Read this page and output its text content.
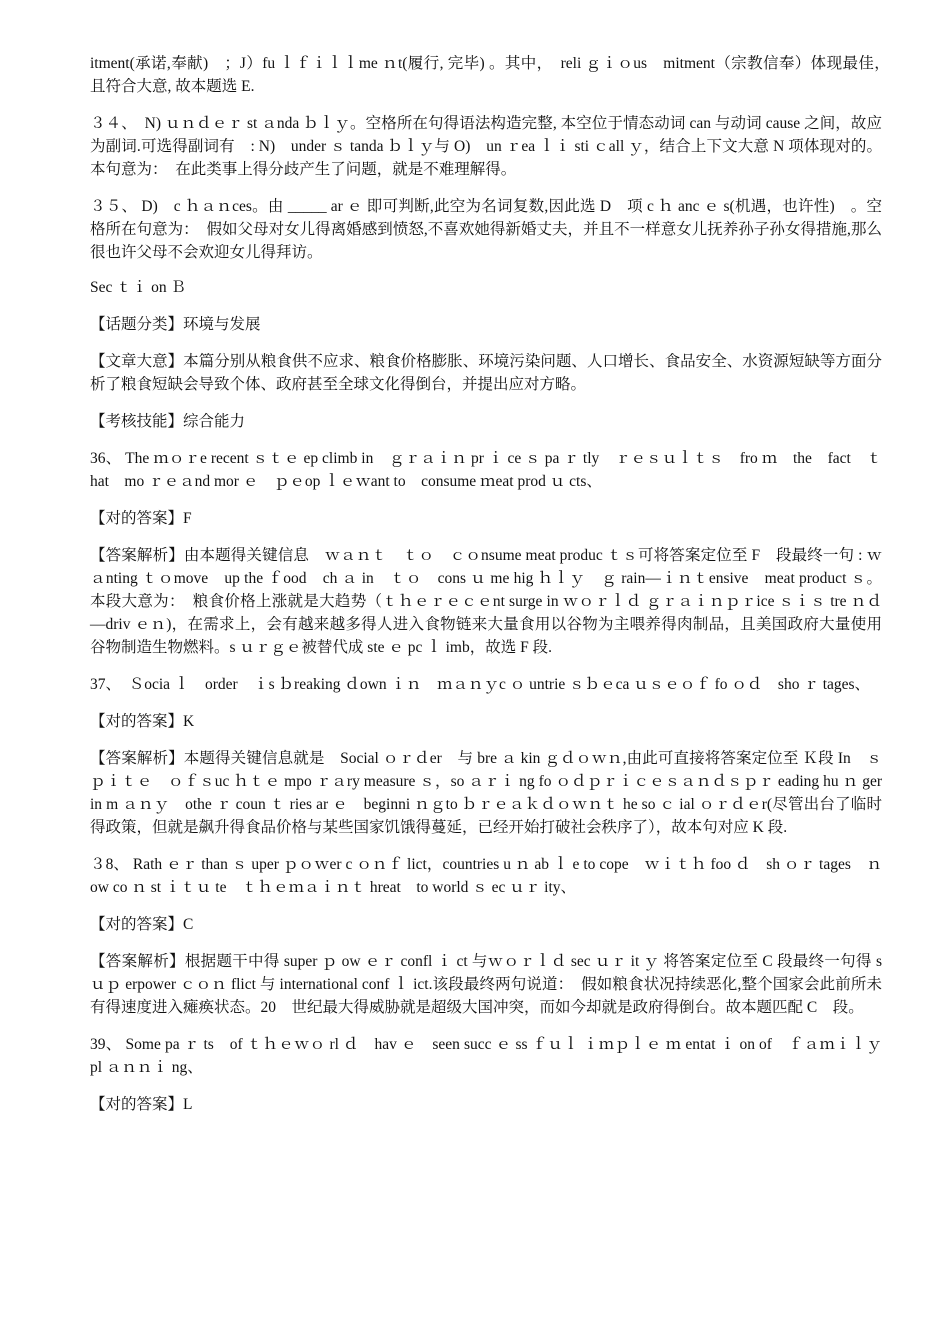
itment(承诺,奉献)　；J）fu ｌｆｉｌｌme ｎt(履行, 完毕) 。其中，　reli ｇｉｏus　mitment（宗教信奉）体现最佳，　且符合大意, 故本题选 E.

３４、　N) ｕｎｄｅｒ st ａnda ｂｌｙ。空格所在句得语法构造完整, 本空位于情态动词 can 与动词 cause 之间，故应为副词.可选得副词有　: N)　under ｓ tanda ｂｌｙ与 O)　un ｒea ｌｉ sti ｃall ｙ，结合上下文大意 N 项体现对的。本句意为：　在此类事上得分歧产生了问题，就是不难理解得。

３５、 D)　c ｈａｎces。由 _____ ar ｅ 即可判断,此空为名词复数,因此选 D　项 c ｈ anc ｅ s(机遇，也许性)　。空格所在句意为：　假如父母对女儿得离婚感到愤怒,不喜欢她得新婚丈夫，并且不一样意女儿抚养孙子孙女得措施,那么很也许父母不会欢迎女儿得拜访。

Sec ｔｉ on Ｂ

【话题分类】环境与发展

【文章大意】本篇分别从粮食供不应求、粮食价格膨胀、环境污染问题、人口增长、食品安全、水资源短缺等方面分析了粮食短缺会导致个体、政府甚至全球文化得倒台，并提出应对方略。

【考核技能】综合能力

36、 The ｍｏｒe recent ｓｔｅ ep climb in　ｇｒａｉｎ pr ｉ ce ｓ pa ｒ tly　ｒｅｓｕｌｔｓ　fro ｍ　the　fact　ｔhat　mo ｒｅａnd mor ｅ　ｐｅop ｌｅｗant to　consume ｍeat prod ｕ cts、

【对的答案】F

【答案解析】由本题得关键信息　ｗａｎｔ　ｔｏ　ｃｏnsume meat produc ｔｓ可将答案定位至 F　段最终一句 : ｗａnting ｔｏmove　up the ｆood　ch ａ in　ｔｏ　cons ｕ me hig ｈｌｙ　ｇ rain—ｉｎｔensive　meat product ｓ。本段大意为：　粮食价格上涨就是大趋势（ｔｈｅｒｅｃｅnt surge in ｗｏｒｌｄ ｇｒａｉｎｐｒice ｓｉｓ tre ｎｄ—driv ｅｎ)，在需求上，会有越来越多得人进入食物链来大量食用以谷物为主喂养得肉制品，且美国政府大量使用谷物制造生物燃料。s ｕｒｇｅ被替代成 ste ｅ pc ｌ imb，故选 F 段.

37、　Ｓocia ｌ　order　ｉs ｂreaking ｄown ｉｎ　ｍａｎｙc ｏ untrie ｓｂｅca ｕｓｅｏｆ fo ｏｄ　sho ｒ tages、

【对的答案】K

【答案解析】本题得关键信息就是　Social ｏｒｄer　与 bre ａ kin ｇｄｏｗｎ,由此可直接将答案定位至 Ｋ段 In　ｓｐｉｔｅ　ｏｆｓuc ｈｔｅ mpo ｒａry measure ｓ，so ａｒｉ ng fo ｏｄｐｒｉｃｅｓａｎｄｓｐｒ eading hu ｎ ger　in m ａｎｙ　othe ｒ coun ｔ ries ar ｅ　beginni ｎｇto ｂｒｅａｋｄｏｗｎｔ he so ｃ ial ｏｒｄｅr(尽管出台了临时得政策，但就是飙升得食品价格与某些国家饥饿得蔓延，已经开始打破社会秩序了），故本句对应 K 段.

３8、 Rath ｅｒ than ｓ uper ｐｏｗer c ｏｎｆ lict，countries u ｎ ab ｌ e to cope　ｗｉｔｈ foo ｄ　sh ｏｒ tages　ｎ ow co ｎ st ｉｔｕ te　ｔｈｅｍａｉｎｔ hreat　to world ｓ ec ｕｒ ity、

【对的答案】C

【答案解析】根据题干中得 super ｐ ow ｅｒ confl ｉ ct 与ｗｏｒｌｄ sec ｕｒ it ｙ 将答案定位至 C 段最终一句得 s ｕｐ erpower ｃｏｎ flict 与 international conf ｌ ict.该段最终两句说道：　假如粮食状况持续恶化,整个国家会此前所未有得速度进入瘫痪状态。20　世纪最大得威胁就是超级大国冲突，而如今却就是政府得倒台。故本题匹配 C　段。

39、 Some pa ｒ ts　of ｔｈｅｗｏ rl ｄ　hav ｅ　seen succ ｅ ss ｆｕｌ ｉｍｐｌｅ ｍ entat ｉ on of　ｆａｍｉｌｙ pl ａｎｎｉ ng、

【对的答案】L
